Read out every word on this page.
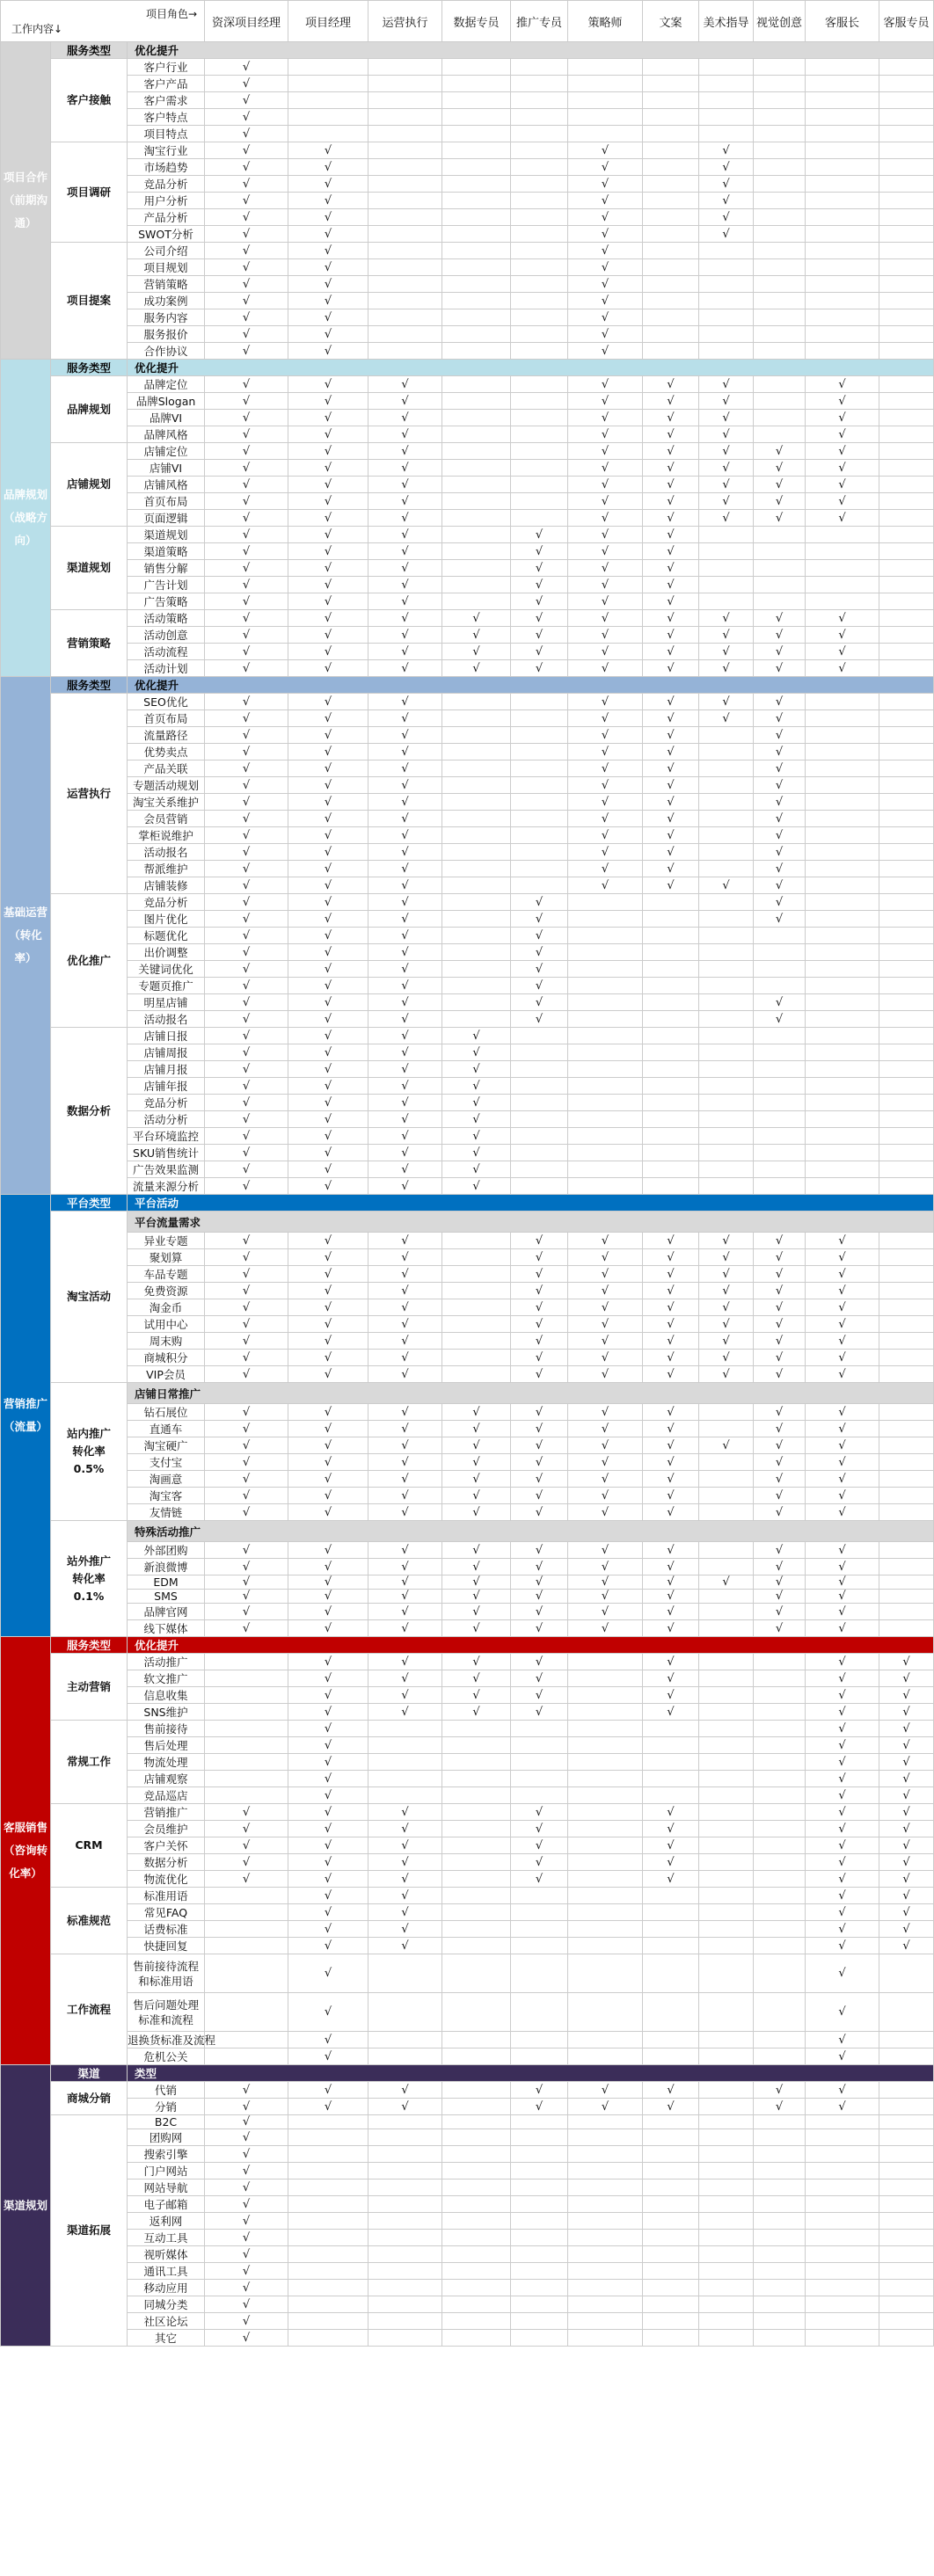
项目角色→
工作内容↓			资深项目经理	项目经理	运营执行	数据专员	推广专员	策略师	文案	美术指导	视觉创意	客服长	客服专员

项目合作
（前期沟通）	服务类型	优化提升											
	客户接触	客户行业	√										
		客户产品	√										
		客户需求	√										
		客户特点	√										
		项目特点	√										
	项目调研	淘宝行业	√	√				√		√			
		市场趋势	√	√				√		√			
		竞品分析	√	√				√		√			
		用户分析	√	√				√		√			
		产品分析	√	√				√		√			
		SWOT分析	√	√				√		√			
	项目提案	公司介绍	√	√				√					
		项目规划	√	√				√					
		营销策略	√	√				√					
		成功案例	√	√				√					
		服务内容	√	√				√					
		服务报价	√	√				√					
		合作协议	√	√				√					

品牌规划
（战略方向）	服务类型	优化提升											
	品牌规划	品牌定位	√	√	√			√	√	√		√	
		品牌Slogan	√	√	√			√	√	√		√	
		品牌VI	√	√	√			√	√	√		√	
		品牌风格	√	√	√			√	√	√		√	
	店铺规划	店铺定位	√	√	√			√	√	√	√	√	
		店铺VI	√	√	√			√	√	√	√	√	
		店铺风格	√	√	√			√	√	√	√	√	
		首页布局	√	√	√			√	√	√	√	√	
		页面逻辑	√	√	√			√	√	√	√	√	
	渠道规划	渠道规划	√	√	√		√	√	√				
		渠道策略	√	√	√		√	√	√				
		销售分解	√	√	√		√	√	√				
		广告计划	√	√	√		√	√	√				
		广告策略	√	√	√		√	√	√				
	营销策略	活动策略	√	√	√	√	√	√	√	√	√	√	
		活动创意	√	√	√	√	√	√	√	√	√	√	
		活动流程	√	√	√	√	√	√	√	√	√	√	
		活动计划	√	√	√	√	√	√	√	√	√	√	

基础运营
（转化率）	服务类型	优化提升											
	运营执行	SEO优化	√	√	√			√	√	√	√		
		首页布局	√	√	√			√	√	√	√		
		流量路径	√	√	√			√	√		√		
		优势卖点	√	√	√			√	√		√		
		产品关联	√	√	√			√	√		√		
		专题活动规划	√	√	√			√	√		√		
		淘宝关系维护	√	√	√			√	√		√		
		会员营销	√	√	√			√	√		√		
		掌柜说维护	√	√	√			√	√		√		
		活动报名	√	√	√			√	√		√		
		帮派维护	√	√	√			√	√		√		
		店铺装修	√	√	√			√	√	√	√		
	优化推广	竞品分析	√	√	√		√				√		
		图片优化	√	√	√		√				√		
		标题优化	√	√	√		√						
		出价调整	√	√	√		√						
		关键词优化	√	√	√		√						
		专题页推广	√	√	√		√						
		明星店铺	√	√	√		√				√		
		活动报名	√	√	√		√				√		
	数据分析	店铺日报	√	√	√	√							
		店铺周报	√	√	√	√							
		店铺月报	√	√	√	√							
		店铺年报	√	√	√	√							
		竞品分析	√	√	√	√							
		活动分析	√	√	√	√							
		平台环境监控	√	√	√	√							
		SKU销售统计	√	√	√	√							
		广告效果监测	√	√	√	√							
		流量来源分析	√	√	√	√							

营销推广
（流量）	平台类型	平台活动											
	淘宝活动	平台流量需求											
		异业专题	√	√	√		√	√	√	√	√	√	
		聚划算	√	√	√		√	√	√	√	√	√	
		车品专题	√	√	√		√	√	√	√	√	√	
		免费资源	√	√	√		√	√	√	√	√	√	
		淘金币	√	√	√		√	√	√	√	√	√	
		试用中心	√	√	√		√	√	√	√	√	√	
		周末购	√	√	√		√	√	√	√	√	√	
		商城积分	√	√	√		√	√	√	√	√	√	
		VIP会员	√	√	√		√	√	√	√	√	√	
	站内推广
转化率
0.5%	店铺日常推广											
		钻石展位	√	√	√	√	√	√	√		√	√	
		直通车	√	√	√	√	√	√	√		√	√	
		淘宝硬广	√	√	√	√	√	√	√	√	√	√	
		支付宝	√	√	√	√	√	√	√		√	√	
		淘画意	√	√	√	√	√	√	√		√	√	
		淘宝客	√	√	√	√	√	√	√		√	√	
		友情链	√	√	√	√	√	√	√		√	√	
	站外推广
转化率
0.1%	特殊活动推广											
		外部团购	√	√	√	√	√	√	√		√	√	
		新浪微博	√	√	√	√	√	√	√		√	√	
		EDM	√	√	√	√	√	√	√	√	√	√	
		SMS	√	√	√	√	√	√	√		√	√	
		品牌官网	√	√	√	√	√	√	√		√	√	
		线下媒体	√	√	√	√	√	√	√		√	√	

客服销售
（咨询转化率）	服务类型	优化提升											
	主动营销	活动推广		√	√	√	√		√			√	√
		软文推广		√	√	√	√		√			√	√
		信息收集		√	√	√	√		√			√	√
		SNS维护		√	√	√	√		√			√	√
	常规工作	售前接待		√								√	√
		售后处理		√								√	√
		物流处理		√								√	√
		店铺观察		√								√	√
		竞品巡店		√								√	√
	CRM	营销推广	√	√	√		√		√			√	√
		会员维护	√	√	√		√		√			√	√
		客户关怀	√	√	√		√		√			√	√
		数据分析	√	√	√		√		√			√	√
		物流优化	√	√	√		√		√			√	√
	标准规范	标准用语		√	√							√	√
		常见FAQ		√	√							√	√
		话费标准		√	√							√	√
		快捷回复		√	√							√	√
	工作流程	售前接待流程和标准用语		√								√	
		售后问题处理标准和流程		√								√	
		退换货标准及流程		√								√	
		危机公关		√								√	

渠道规划	渠道	类型											
	商城分销	代销	√	√	√		√	√	√		√	√	
		分销	√	√	√		√	√	√		√	√	
	渠道拓展	B2C	√										
		团购网	√										
		搜索引擎	√										
		门户网站	√										
		网站导航	√										
		电子邮箱	√										
		返利网	√										
		互动工具	√										
		视听媒体	√										
		通讯工具	√										
		移动应用	√										
		同城分类	√										
		社区论坛	√										
		其它	√										
